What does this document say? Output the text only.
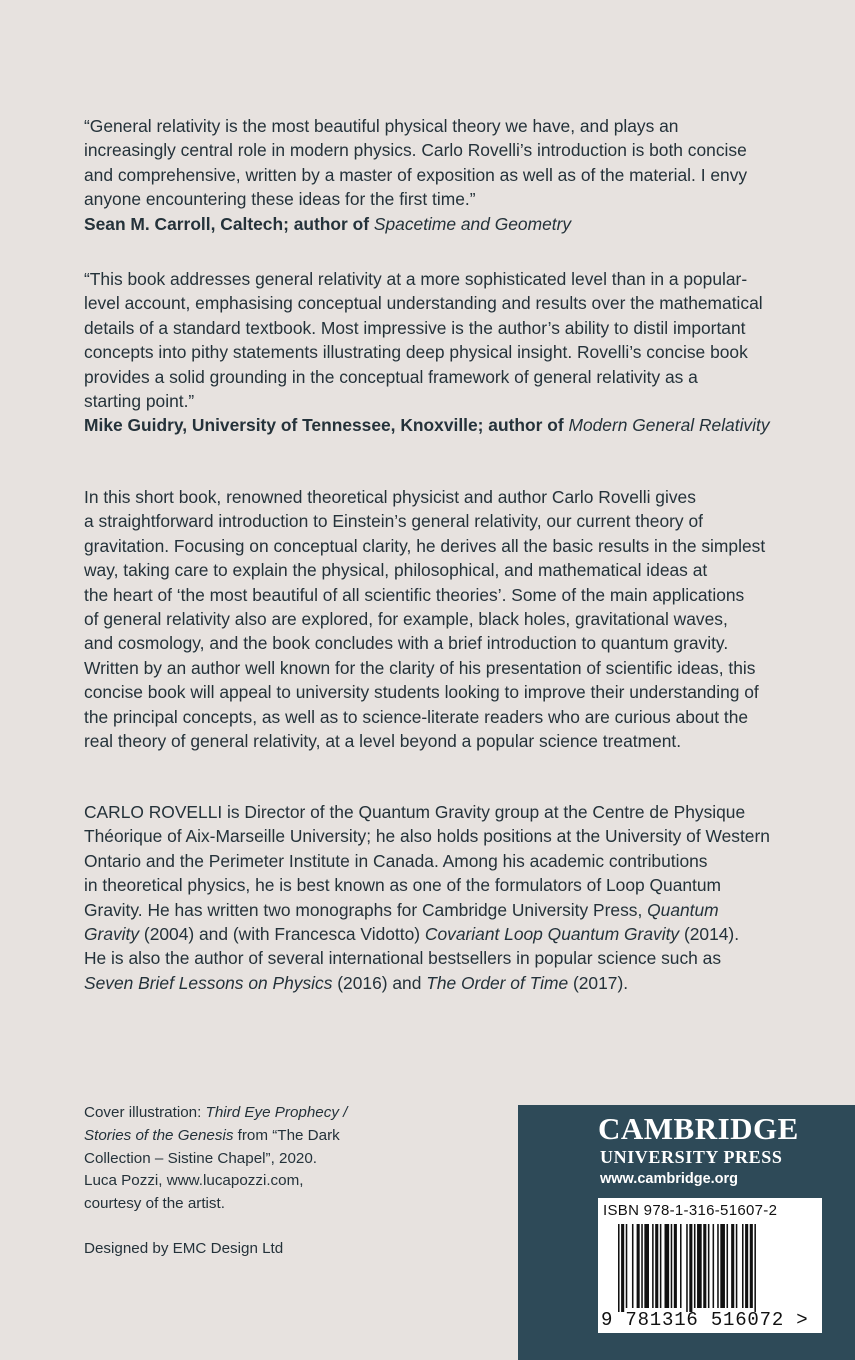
“General relativity is the most beautiful physical theory we have, and plays an

increasingly central role in modern physics. Carlo Rovelli’s introduction is both concise

and comprehensive, written by a master of exposition as well as of the material. I envy

anyone encountering these ideas for the first time.”

Sean M. Carroll, Caltech; author of Spacetime and Geometry

“This book addresses general relativity at a more sophisticated level than in a popular-

level account, emphasising conceptual understanding and results over the mathematical

details of a standard textbook. Most impressive is the author’s ability to distil important

concepts into pithy statements illustrating deep physical insight. Rovelli’s concise book

provides a solid grounding in the conceptual framework of general relativity as a

starting point.”

Mike Guidry, University of Tennessee, Knoxville; author of Modern General Relativity

In this short book, renowned theoretical physicist and author Carlo Rovelli gives

a straightforward introduction to Einstein’s general relativity, our current theory of

gravitation. Focusing on conceptual clarity, he derives all the basic results in the simplest

way, taking care to explain the physical, philosophical, and mathematical ideas at

the heart of ‘the most beautiful of all scientific theories’. Some of the main applications

of general relativity also are explored, for example, black holes, gravitational waves,

and cosmology, and the book concludes with a brief introduction to quantum gravity.

Written by an author well known for the clarity of his presentation of scientific ideas, this

concise book will appeal to university students looking to improve their understanding of

the principal concepts, as well as to science-literate readers who are curious about the

real theory of general relativity, at a level beyond a popular science treatment.

CARLO ROVELLI is Director of the Quantum Gravity group at the Centre de Physique

Théorique of Aix-Marseille University; he also holds positions at the University of Western

Ontario and the Perimeter Institute in Canada. Among his academic contributions

in theoretical physics, he is best known as one of the formulators of Loop Quantum

Gravity. He has written two monographs for Cambridge University Press, Quantum

Gravity (2004) and (with Francesca Vidotto) Covariant Loop Quantum Gravity (2014).

He is also the author of several international bestsellers in popular science such as

Seven Brief Lessons on Physics (2016) and The Order of Time (2017).

Cover illustration: Third Eye Prophecy /

Stories of the Genesis from “The Dark

Collection – Sistine Chapel”, 2020.

Luca Pozzi, www.lucapozzi.com,

courtesy of the artist.

Designed by EMC Design Ltd

CAMBRIDGE
UNIVERSITY PRESS
www.cambridge.org
ISBN 978-1-316-51607-2
9 781316 516072 >
